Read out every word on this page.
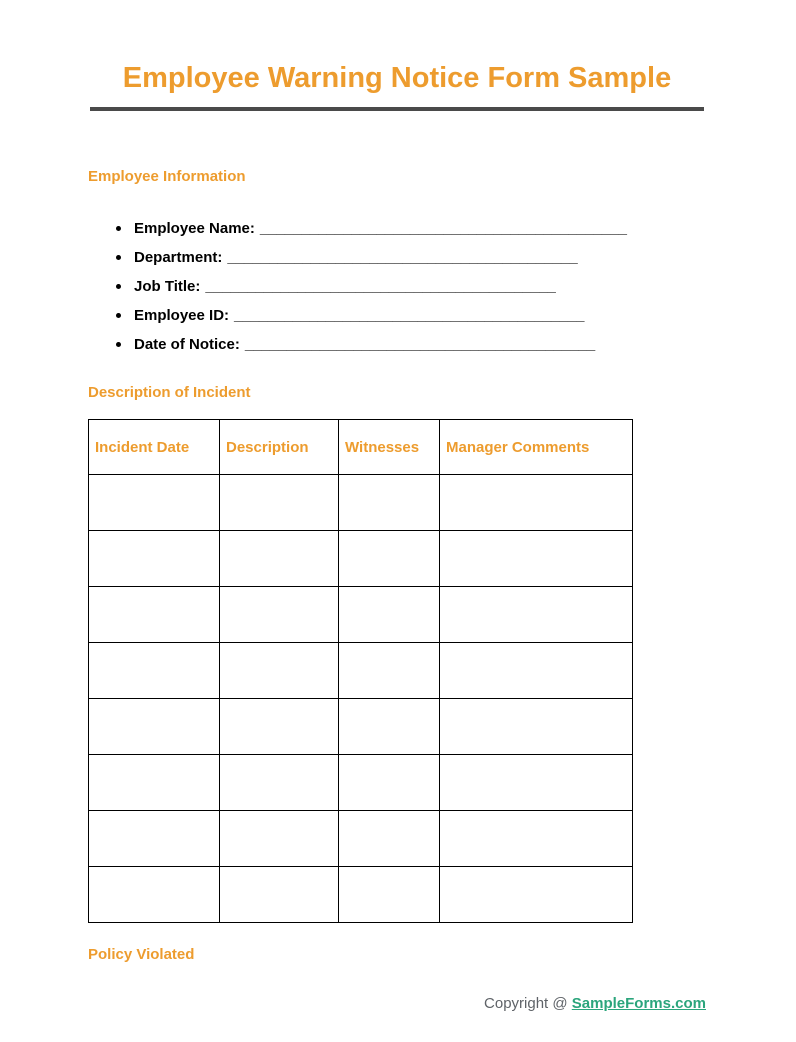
Employee Warning Notice Form Sample
Employee Information
Employee Name: ____________________________________________
Department: __________________________________________
Job Title: __________________________________________
Employee ID: __________________________________________
Date of Notice: __________________________________________
Description of Incident
Incident Date	Description	Witnesses	Manager Comments

Policy Violated
Copyright @ SampleForms.com
